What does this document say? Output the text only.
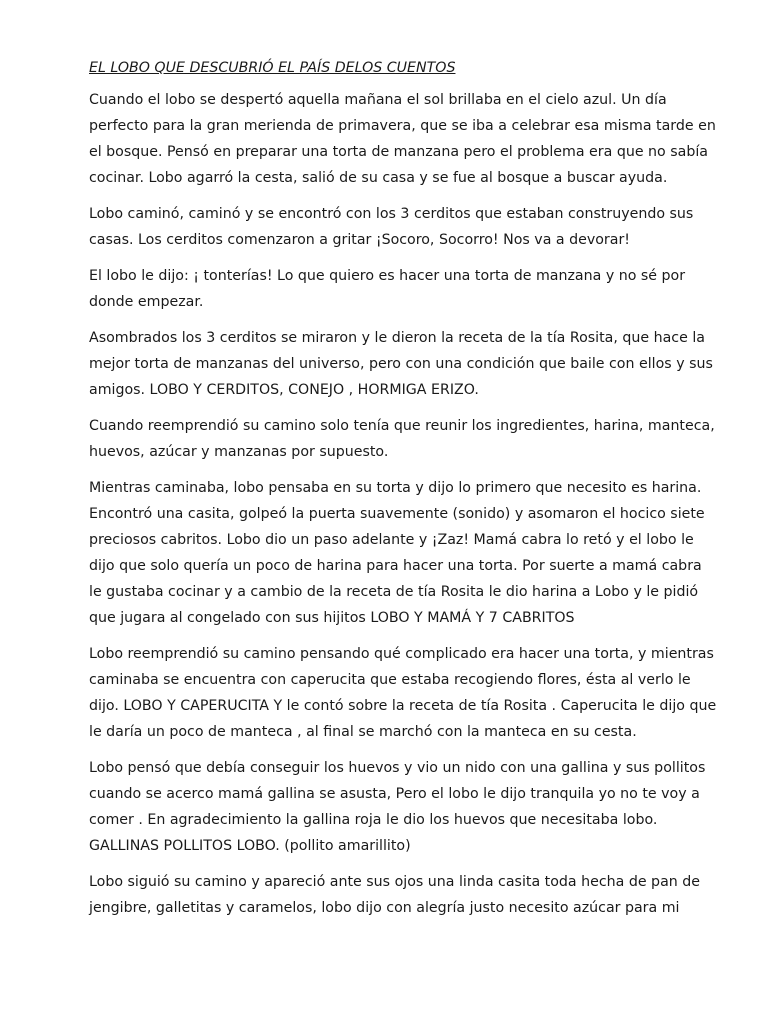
EL LOBO QUE DESCUBRIÓ EL PAÍS DELOS CUENTOS

Cuando el lobo se despertó aquella mañana el sol brillaba en el cielo azul. Un día perfecto para la gran merienda de primavera, que se iba a celebrar esa misma tarde en el bosque. Pensó en preparar una torta de manzana pero el problema era que no sabía cocinar. Lobo agarró la cesta, salió de su casa y se fue al bosque a buscar ayuda.

Lobo caminó, caminó y se encontró con los 3 cerditos que estaban construyendo sus casas. Los cerditos comenzaron a gritar ¡Socoro, Socorro! Nos va a devorar!

El lobo le dijo: ¡ tonterías! Lo que quiero es hacer una torta de manzana y no sé por donde empezar.

Asombrados los 3 cerditos se miraron y le dieron la receta de la tía Rosita, que hace la mejor torta de manzanas del universo, pero con una condición que baile con ellos y sus amigos. LOBO Y CERDITOS, CONEJO , HORMIGA ERIZO.

Cuando reemprendió su camino solo tenía que reunir los ingredientes, harina, manteca, huevos, azúcar y manzanas por supuesto.

Mientras caminaba, lobo pensaba en su torta y dijo lo primero que necesito es harina. Encontró una casita, golpeó la puerta suavemente (sonido) y asomaron el hocico siete preciosos cabritos. Lobo dio un paso adelante y ¡Zaz! Mamá cabra lo retó y el lobo le dijo que solo quería un poco de harina para hacer una torta. Por suerte a mamá cabra le gustaba cocinar y a cambio de la receta de tía Rosita le dio harina a Lobo y le pidió que jugara al congelado con sus hijitos LOBO Y MAMÁ Y 7 CABRITOS

Lobo reemprendió su camino pensando qué complicado era hacer una torta, y mientras caminaba se encuentra con caperucita que estaba recogiendo flores, ésta al verlo le dijo. LOBO Y CAPERUCITA Y le contó sobre la receta de tía Rosita . Caperucita le dijo que le daría un poco de manteca , al final se marchó con la manteca en su cesta.

Lobo pensó que debía conseguir los huevos y vio un nido con una gallina y sus pollitos cuando se acerco mamá gallina se asusta, Pero el lobo le dijo tranquila yo no te voy a comer . En agradecimiento la gallina roja le dio los huevos que necesitaba lobo. GALLINAS POLLITOS LOBO. (pollito amarillito)

Lobo siguió su camino y apareció ante sus ojos una linda casita toda hecha de pan de jengibre, galletitas y caramelos, lobo dijo con alegría justo necesito azúcar para mi
